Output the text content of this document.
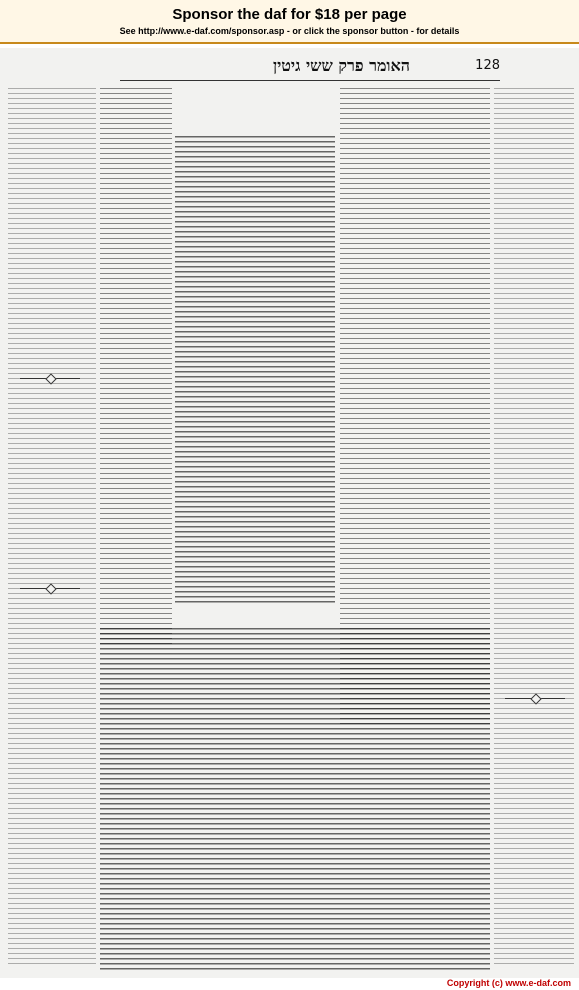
Sponsor the daf for $18 per page
See http://www.e-daf.com/sponsor.asp - or click the sponsor button - for details
128
האומר פרק ששי גיטין
Copyright (c) www.e-daf.com
